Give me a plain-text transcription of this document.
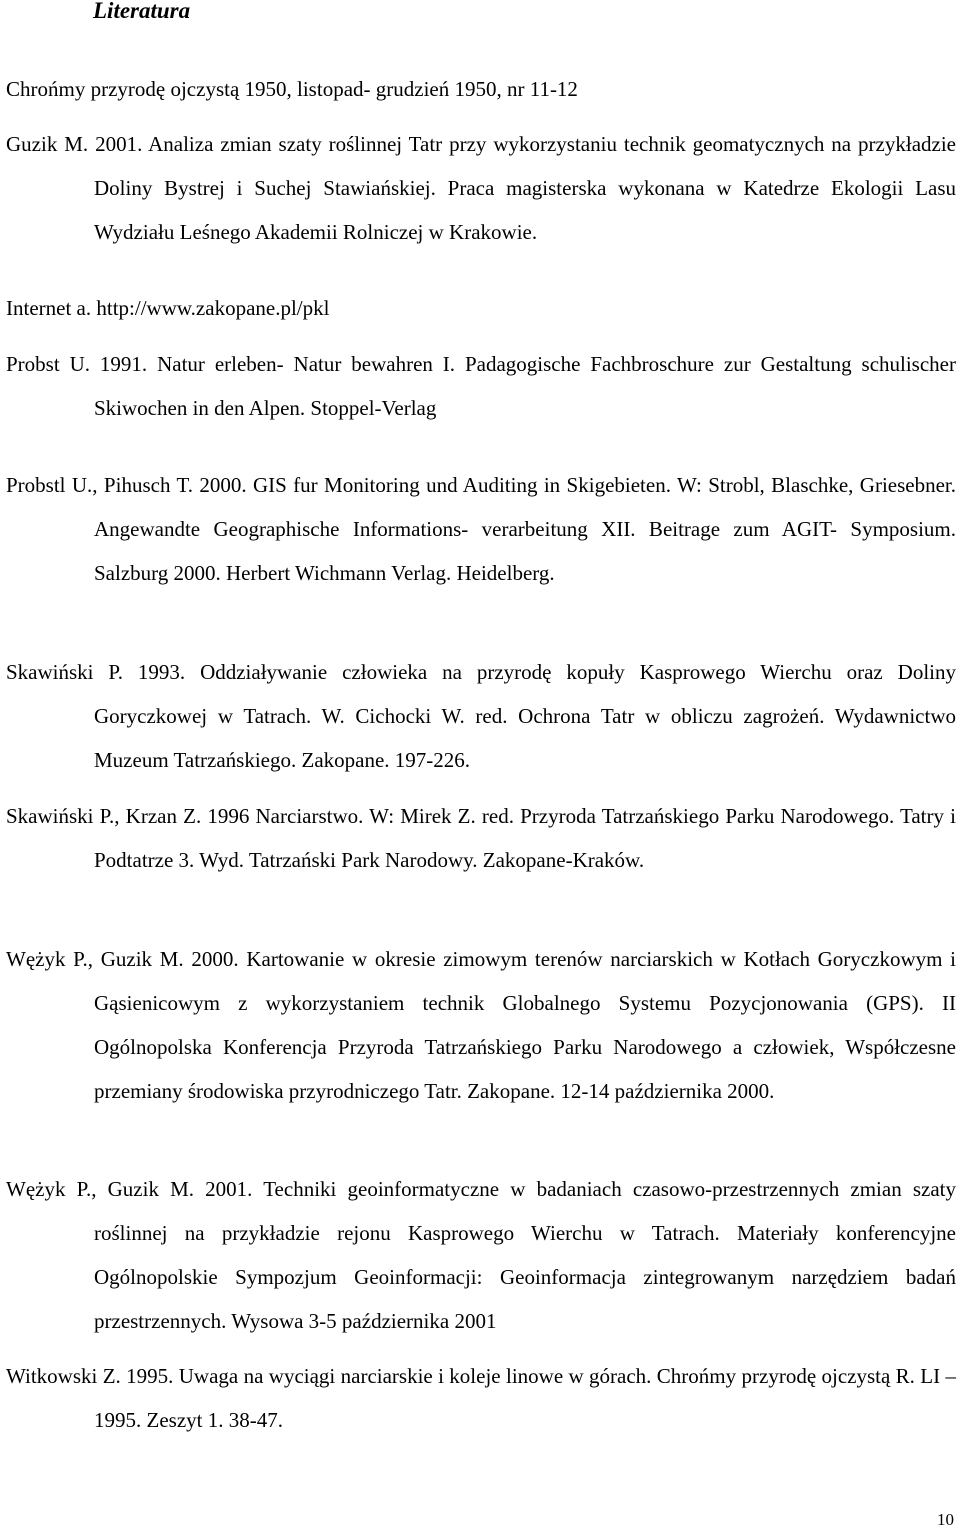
Literatura

Chrońmy przyrodę ojczystą 1950, listopad- grudzień 1950, nr 11-12

Guzik M. 2001. Analiza zmian szaty roślinnej Tatr przy wykorzystaniu technik geomatycznych na przykładzie Doliny Bystrej i Suchej Stawiańskiej. Praca magisterska wykonana w Katedrze Ekologii Lasu Wydziału Leśnego Akademii Rolniczej w Krakowie.

Internet a. http://www.zakopane.pl/pkl

Probst U. 1991. Natur erleben- Natur bewahren I. Padagogische Fachbroschure zur Gestaltung schulischer Skiwochen in den Alpen. Stoppel-Verlag

Probstl U., Pihusch T. 2000. GIS fur Monitoring und Auditing in Skigebieten. W: Strobl, Blaschke, Griesebner. Angewandte Geographische Informations- verarbeitung XII. Beitrage zum AGIT- Symposium. Salzburg 2000. Herbert Wichmann Verlag. Heidelberg.

Skawiński P. 1993. Oddziaływanie człowieka na przyrodę kopuły Kasprowego Wierchu oraz Doliny Goryczkowej w Tatrach. W. Cichocki W. red. Ochrona Tatr w obliczu zagrożeń. Wydawnictwo Muzeum Tatrzańskiego. Zakopane. 197-226.

Skawiński P., Krzan Z. 1996 Narciarstwo. W: Mirek Z. red. Przyroda Tatrzańskiego Parku Narodowego. Tatry i Podtatrze 3. Wyd. Tatrzański Park Narodowy. Zakopane-Kraków.

Wężyk P., Guzik M. 2000. Kartowanie w okresie zimowym terenów narciarskich w Kotłach Goryczkowym i Gąsienicowym z wykorzystaniem technik Globalnego Systemu Pozycjonowania (GPS). II Ogólnopolska Konferencja Przyroda Tatrzańskiego Parku Narodowego a człowiek, Współczesne przemiany środowiska przyrodniczego Tatr. Zakopane. 12-14 października 2000.

Wężyk P., Guzik M. 2001. Techniki geoinformatyczne w badaniach czasowo-przestrzennych zmian szaty roślinnej na przykładzie rejonu Kasprowego Wierchu w Tatrach. Materiały konferencyjne Ogólnopolskie Sympozjum Geoinformacji: Geoinformacja zintegrowanym narzędziem badań przestrzennych. Wysowa 3-5 października 2001

Witkowski Z. 1995. Uwaga na wyciągi narciarskie i koleje linowe w górach. Chrońmy przyrodę ojczystą R. LI – 1995. Zeszyt 1. 38-47.

10
